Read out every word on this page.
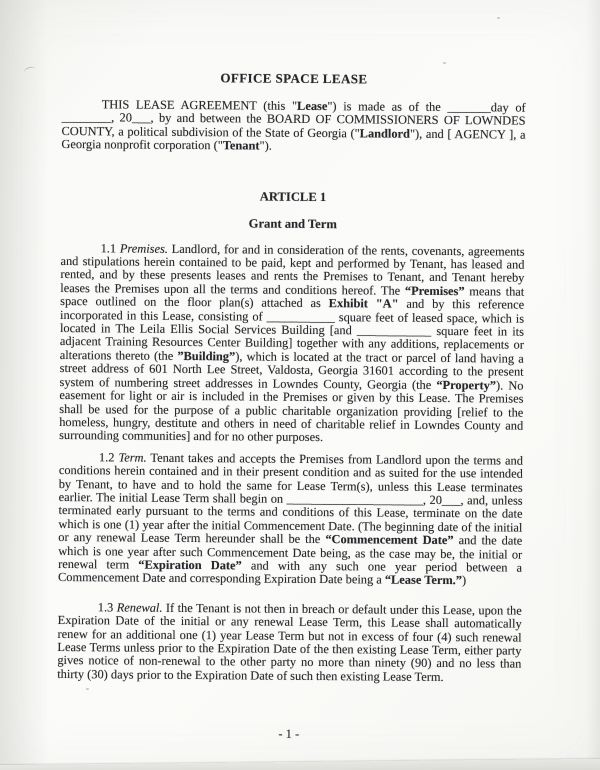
OFFICE SPACE LEASE

THIS LEASE AGREEMENT (this "Lease") is made as of the _______day of ________, 20___, by and between the BOARD OF COMMISSIONERS OF LOWNDES COUNTY, a political subdivision of the State of Georgia ("Landlord"), and [ AGENCY ], a Georgia nonprofit corporation ("Tenant").

ARTICLE 1
Grant and Term

1.1 Premises. Landlord, for and in consideration of the rents, covenants, agreements and stipulations herein contained to be paid, kept and performed by Tenant, has leased and rented, and by these presents leases and rents the Premises to Tenant, and Tenant hereby leases the Premises upon all the terms and conditions hereof. The “Premises” means that space outlined on the floor plan(s) attached as Exhibit "A" and by this reference incorporated in this Lease, consisting of ___________ square feet of leased space, which is located in The Leila Ellis Social Services Building [and ____________ square feet in its adjacent Training Resources Center Building] together with any additions, replacements or alterations thereto (the ”Building”), which is located at the tract or parcel of land having a street address of 601 North Lee Street, Valdosta, Georgia 31601 according to the present system of numbering street addresses in Lowndes County, Georgia (the “Property”). No easement for light or air is included in the Premises or given by this Lease. The Premises shall be used for the purpose of a public charitable organization providing [relief to the homeless, hungry, destitute and others in need of charitable relief in Lowndes County and surrounding communities] and for no other purposes.

1.2 Term. Tenant takes and accepts the Premises from Landlord upon the terms and conditions herein contained and in their present condition and as suited for the use intended by Tenant, to have and to hold the same for Lease Term(s), unless this Lease terminates earlier. The initial Lease Term shall begin on ______________________, 20___, and, unless terminated early pursuant to the terms and conditions of this Lease, terminate on the date which is one (1) year after the initial Commencement Date. (The beginning date of the initial or any renewal Lease Term hereunder shall be the “Commencement Date” and the date which is one year after such Commencement Date being, as the case may be, the initial or renewal term “Expiration Date” and with any such one year period between a Commencement Date and corresponding Expiration Date being a “Lease Term.”)

1.3 Renewal. If the Tenant is not then in breach or default under this Lease, upon the Expiration Date of the initial or any renewal Lease Term, this Lease shall automatically renew for an additional one (1) year Lease Term but not in excess of four (4) such renewal Lease Terms unless prior to the Expiration Date of the then existing Lease Term, either party gives notice of non-renewal to the other party no more than ninety (90) and no less than thirty (30) days prior to the Expiration Date of such then existing Lease Term.

- 1 -
